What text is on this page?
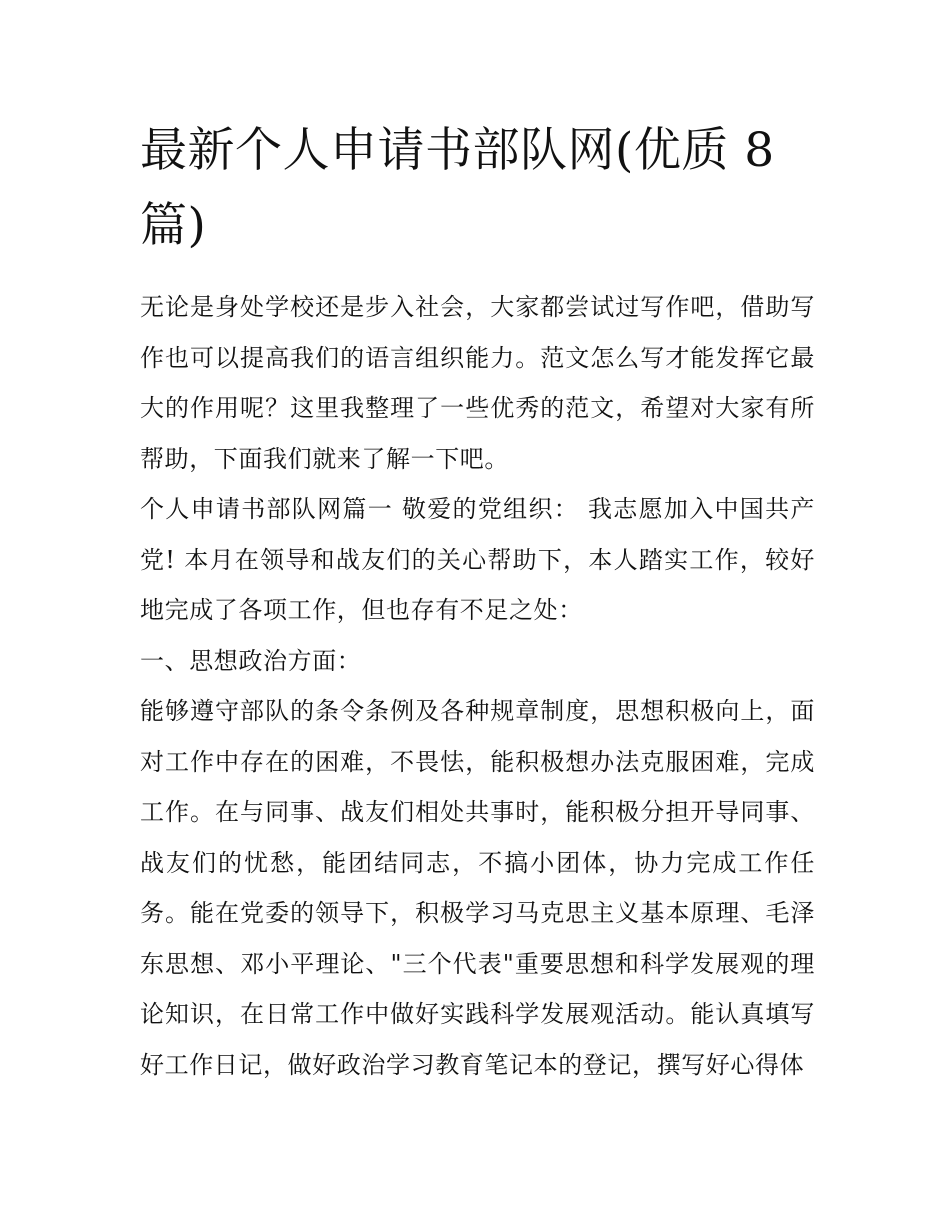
最新个人申请书部队网(优质 8 篇)

无论是身处学校还是步入社会，大家都尝试过写作吧，借助写作也可以提高我们的语言组织能力。范文怎么写才能发挥它最大的作用呢？这里我整理了一些优秀的范文，希望对大家有所帮助，下面我们就来了解一下吧。

个人申请书部队网篇一 敬爱的党组织： 我志愿加入中国共产党! 本月在领导和战友们的关心帮助下，本人踏实工作，较好地完成了各项工作，但也存有不足之处：

一、思想政治方面：

能够遵守部队的条令条例及各种规章制度，思想积极向上，面对工作中存在的困难，不畏怯，能积极想办法克服困难，完成工作。在与同事、战友们相处共事时，能积极分担开导同事、战友们的忧愁，能团结同志，不搞小团体，协力完成工作任务。能在党委的领导下，积极学习马克思主义基本原理、毛泽东思想、邓小平理论、"三个代表"重要思想和科学发展观的理论知识，在日常工作中做好实践科学发展观活动。能认真填写好工作日记，做好政治学习教育笔记本的登记，撰写好心得体
